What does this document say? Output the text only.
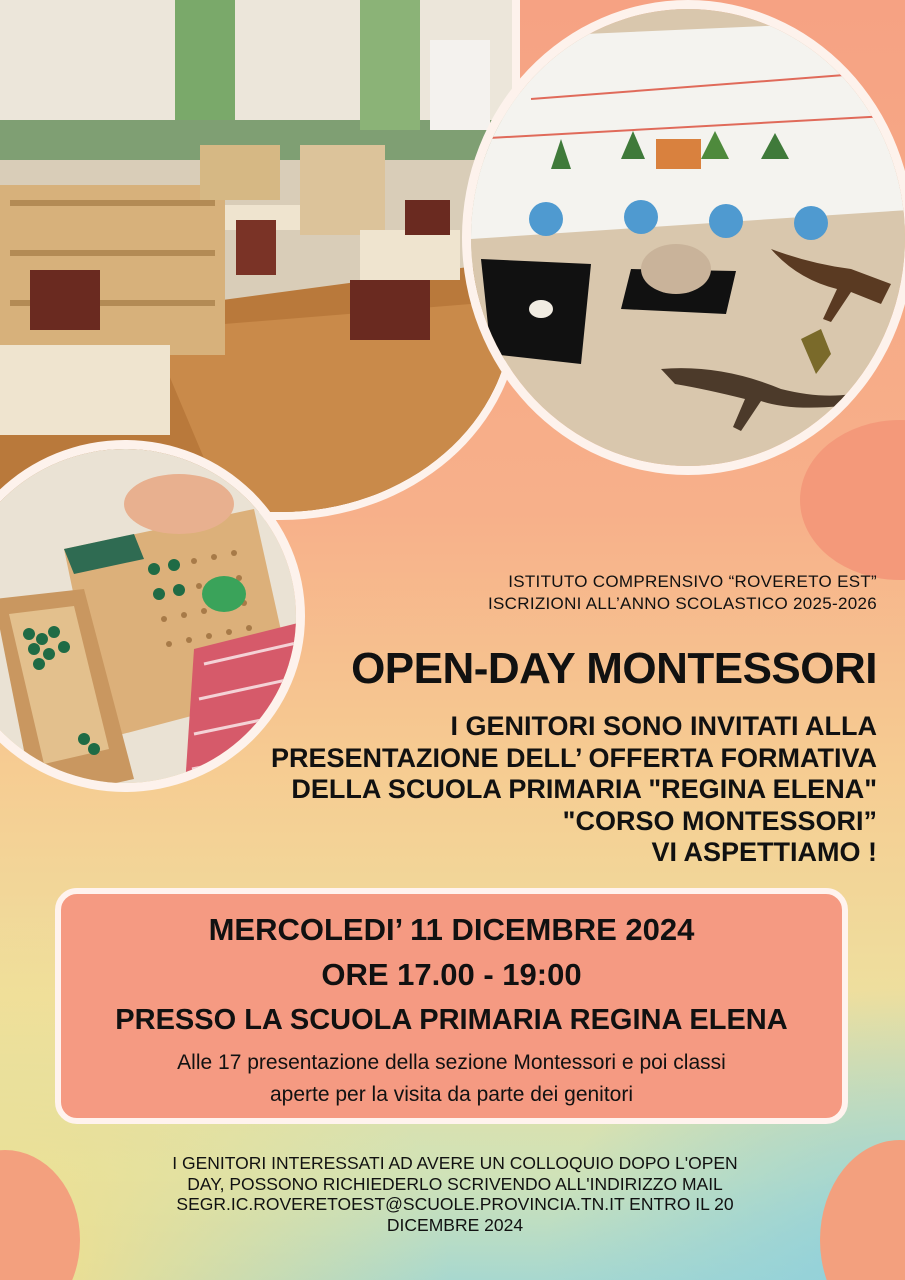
ISTITUTO COMPRENSIVO “ROVERETO EST”
ISCRIZIONI ALL’ANNO SCOLASTICO 2025-2026
OPEN-DAY MONTESSORI
I GENITORI SONO INVITATI ALLA
PRESENTAZIONE DELL’ OFFERTA FORMATIVA
DELLA SCUOLA PRIMARIA "REGINA ELENA"
"CORSO MONTESSORI”
VI ASPETTIAMO !
MERCOLEDI’ 11 DICEMBRE 2024
ORE 17.00 - 19:00
PRESSO LA SCUOLA PRIMARIA REGINA ELENA
Alle 17 presentazione della sezione Montessori e poi classi
aperte per la visita da parte dei genitori
I GENITORI INTERESSATI AD AVERE UN COLLOQUIO DOPO L'OPEN
DAY, POSSONO RICHIEDERLO SCRIVENDO ALL'INDIRIZZO MAIL
SEGR.IC.ROVERETOEST@SCUOLE.PROVINCIA.TN.IT ENTRO IL 20
DICEMBRE 2024
